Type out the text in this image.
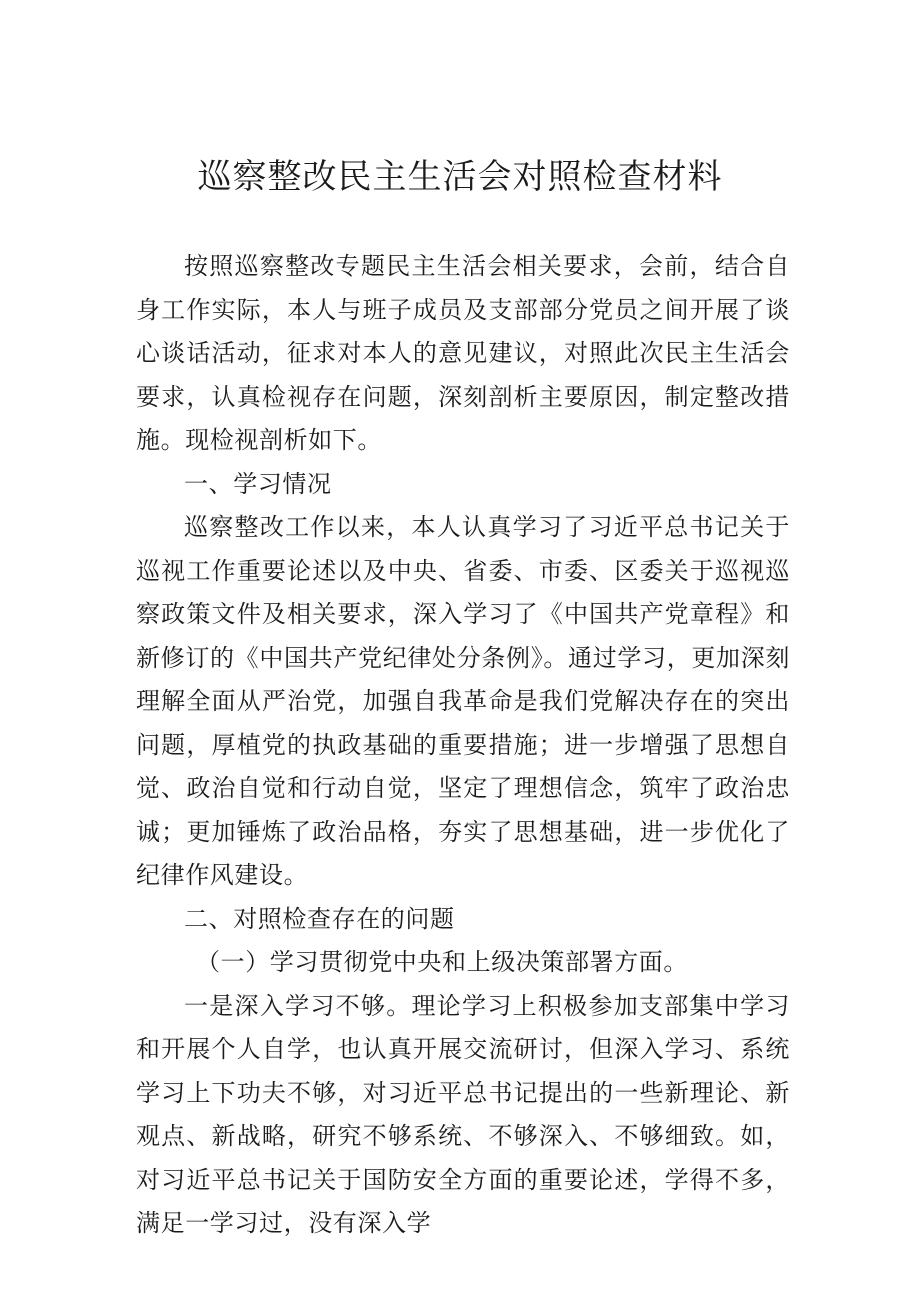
巡察整改民主生活会对照检查材料

按照巡察整改专题民主生活会相关要求，会前，结合自身工作实际，本人与班子成员及支部部分党员之间开展了谈心谈话活动，征求对本人的意见建议，对照此次民主生活会要求，认真检视存在问题，深刻剖析主要原因，制定整改措施。现检视剖析如下。

一、学习情况

巡察整改工作以来，本人认真学习了习近平总书记关于巡视工作重要论述以及中央、省委、市委、区委关于巡视巡察政策文件及相关要求，深入学习了《中国共产党章程》和新修订的《中国共产党纪律处分条例》。通过学习，更加深刻理解全面从严治党，加强自我革命是我们党解决存在的突出问题，厚植党的执政基础的重要措施；进一步增强了思想自觉、政治自觉和行动自觉，坚定了理想信念，筑牢了政治忠诚；更加锤炼了政治品格，夯实了思想基础，进一步优化了纪律作风建设。

二、对照检查存在的问题

（一）学习贯彻党中央和上级决策部署方面。

一是深入学习不够。理论学习上积极参加支部集中学习和开展个人自学，也认真开展交流研讨，但深入学习、系统学习上下功夫不够，对习近平总书记提出的一些新理论、新观点、新战略，研究不够系统、不够深入、不够细致。如，对习近平总书记关于国防安全方面的重要论述，学得不多，满足一学习过，没有深入学
